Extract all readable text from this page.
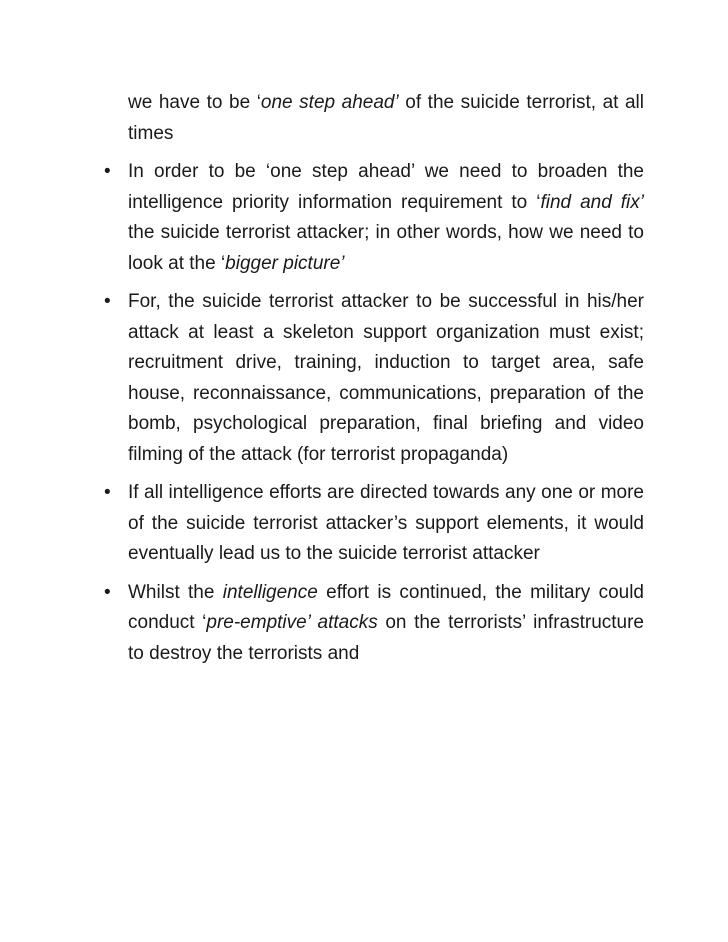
we have to be ‘one step ahead’ of the suicide terrorist, at all times
• In order to be ‘one step ahead’ we need to broaden the intelligence priority information requirement to ‘find and fix’ the suicide terrorist attacker; in other words, how we need to look at the ‘bigger picture’
• For, the suicide terrorist attacker to be successful in his/her attack at least a skeleton support organization must exist; recruitment drive, training, induction to target area, safe house, reconnaissance, communications, preparation of the bomb, psychological preparation, final briefing and video filming of the attack (for terrorist propaganda)
• If all intelligence efforts are directed towards any one or more of the suicide terrorist attacker’s support elements, it would eventually lead us to the suicide terrorist attacker
• Whilst the intelligence effort is continued, the military could conduct ‘pre-emptive’ attacks on the terrorists’ infrastructure to destroy the terrorists and
